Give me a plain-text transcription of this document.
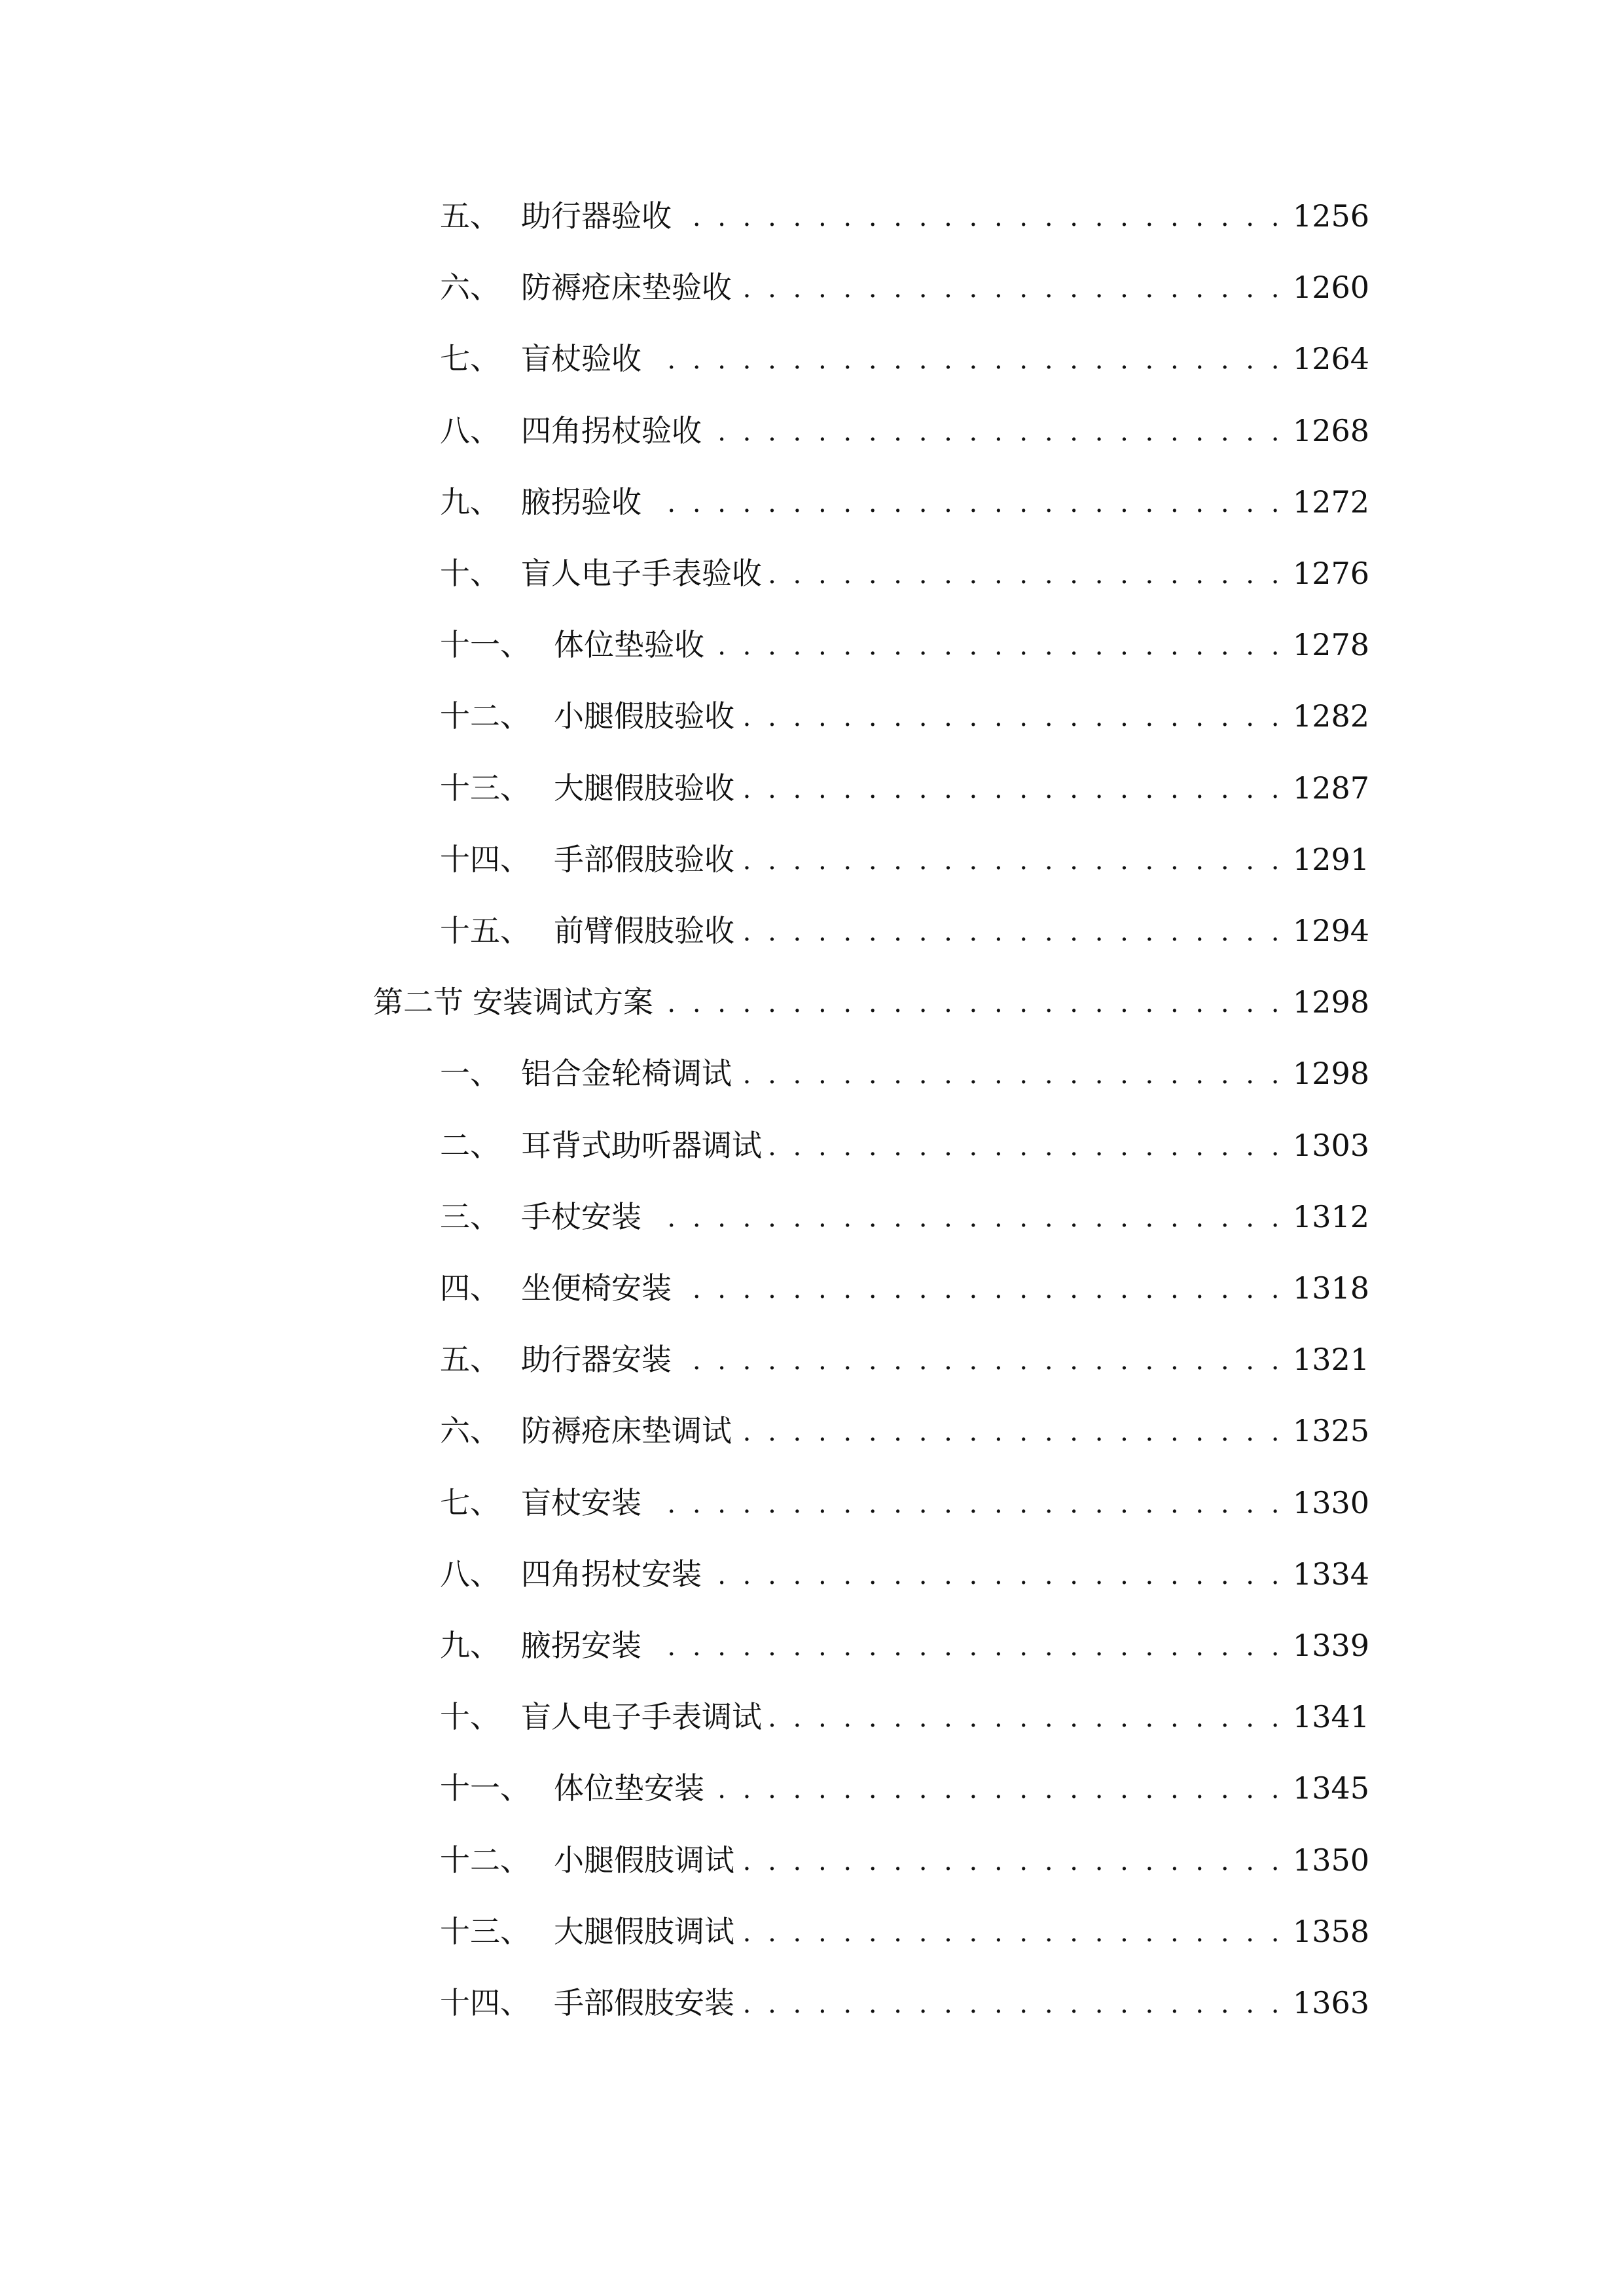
五、 助行器验收 . . .	1256
六、 防褥疮床垫验收 . . .	1260
七、 盲杖验收 . . .	1264
八、 四角拐杖验收 . . .	1268
九、 腋拐验收 . . .	1272
十、 盲人电子手表验收 . . .	1276
十一、 体位垫验收 . . .	1278
十二、 小腿假肢验收 . . .	1282
十三、 大腿假肢验收 . . .	1287
十四、 手部假肢验收 . . .	1291
十五、 前臂假肢验收 . . .	1294
第二节 安装调试方案 . . .	1298
一、 铝合金轮椅调试 . . .	1298
二、 耳背式助听器调试 . . .	1303
三、 手杖安装 . . .	1312
四、 坐便椅安装 . . .	1318
五、 助行器安装 . . .	1321
六、 防褥疮床垫调试 . . .	1325
七、 盲杖安装 . . .	1330
八、 四角拐杖安装 . . .	1334
九、 腋拐安装 . . .	1339
十、 盲人电子手表调试 . . .	1341
十一、 体位垫安装 . . .	1345
十二、 小腿假肢调试 . . .	1350
十三、 大腿假肢调试 . . .	1358
十四、 手部假肢安装 . . .	1363
